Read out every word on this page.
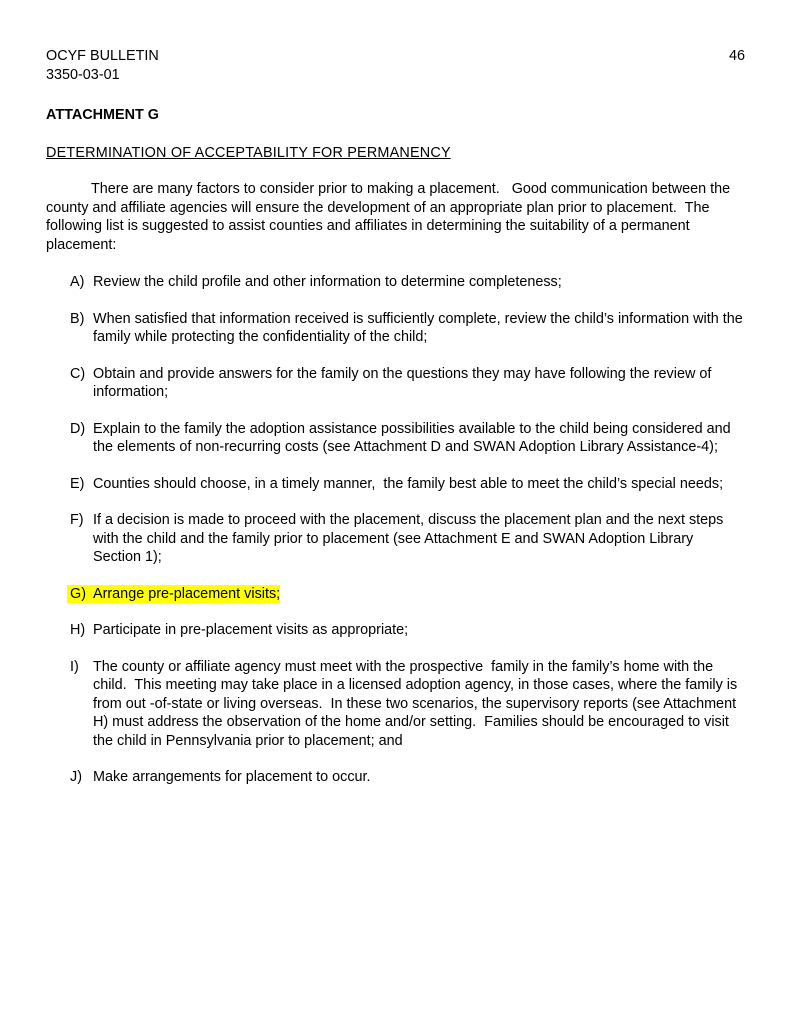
OCYF BULLETIN
3350-03-01
46
ATTACHMENT G
DETERMINATION OF ACCEPTABILITY FOR PERMANENCY
There are many factors to consider prior to making a placement.   Good communication between the county and affiliate agencies will ensure the development of an appropriate plan prior to placement.  The following list is suggested to assist counties and affiliates in determining the suitability of a permanent placement:
A) Review the child profile and other information to determine completeness;
B) When satisfied that information received is sufficiently complete, review the child’s information with the family while protecting the confidentiality of the child;
C) Obtain and provide answers for the family on the questions they may have following the review of information;
D) Explain to the family the adoption assistance possibilities available to the child being considered and the elements of non-recurring costs (see Attachment D and SWAN Adoption Library Assistance-4);
E) Counties should choose, in a timely manner,  the family best able to meet the child’s special needs;
F) If a decision is made to proceed with the placement, discuss the placement plan and the next steps with the child and the family prior to placement (see Attachment E and SWAN Adoption Library Section 1);
G) Arrange pre-placement visits;
H) Participate in pre-placement visits as appropriate;
I) The county or affiliate agency must meet with the prospective  family in the family’s home with the child.  This meeting may take place in a licensed adoption agency, in those cases, where the family is from out -of-state or living overseas.  In these two scenarios, the supervisory reports (see Attachment H) must address the observation of the home and/or setting.  Families should be encouraged to visit the child in Pennsylvania prior to placement; and
J) Make arrangements for placement to occur.
